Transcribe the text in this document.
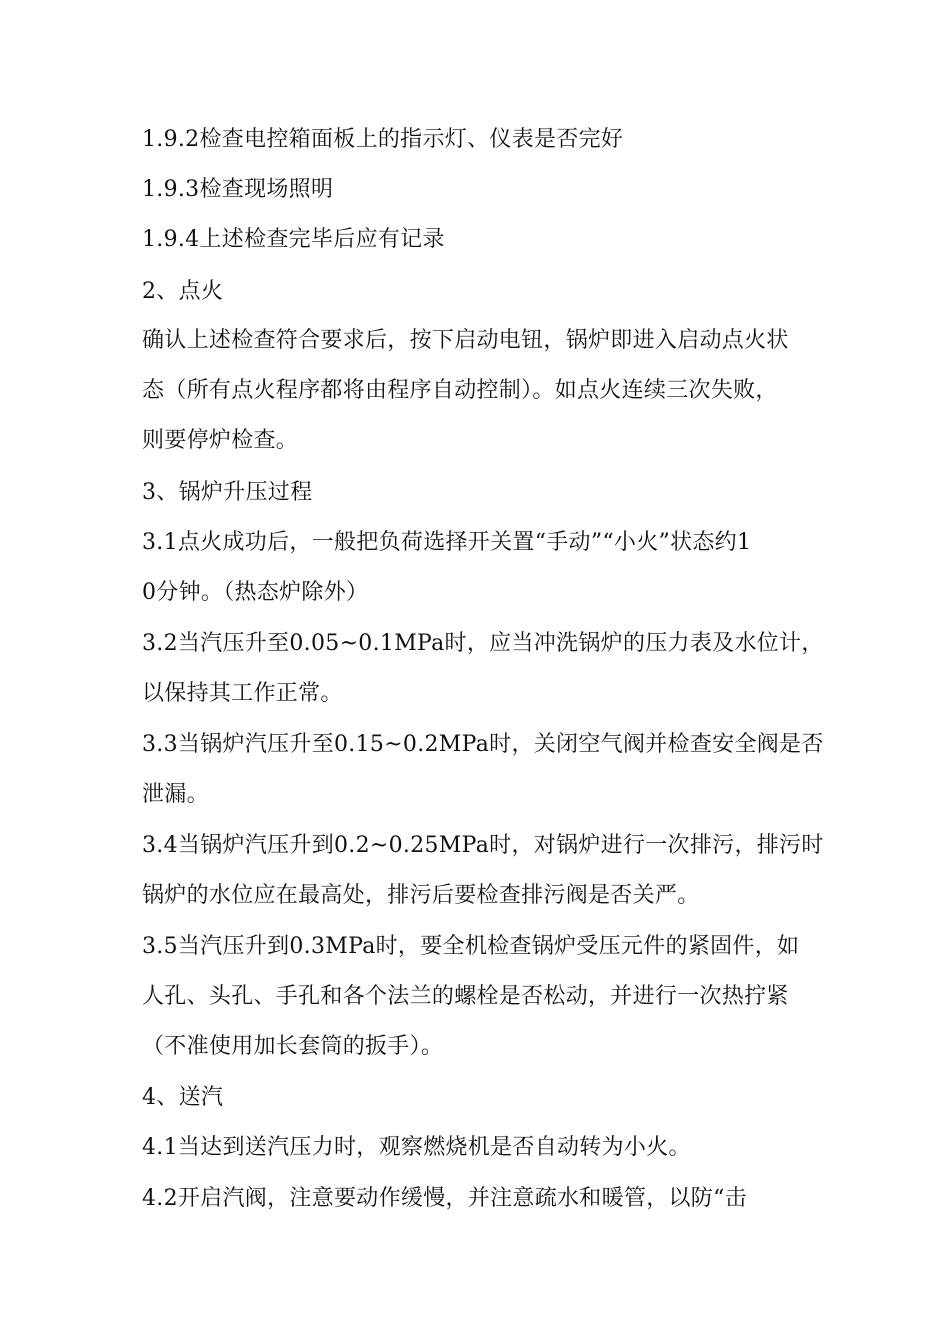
1.9.2检查电控箱面板上的指示灯、仪表是否完好
1.9.3检查现场照明
1.9.4上述检查完毕后应有记录
2、点火
确认上述检查符合要求后，按下启动电钮，锅炉即进入启动点火状
态（所有点火程序都将由程序自动控制）。如点火连续三次失败，
则要停炉检查。
3、锅炉升压过程
3.1点火成功后，一般把负荷选择开关置“手动”“小火”状态约1
0分钟。（热态炉除外）
3.2当汽压升至0.05~0.1MPa时，应当冲洗锅炉的压力表及水位计，
以保持其工作正常。
3.3当锅炉汽压升至0.15~0.2MPa时，关闭空气阀并检查安全阀是否
泄漏。
3.4当锅炉汽压升到0.2~0.25MPa时，对锅炉进行一次排污，排污时
锅炉的水位应在最高处，排污后要检查排污阀是否关严。
3.5当汽压升到0.3MPa时，要全机检查锅炉受压元件的紧固件，如
人孔、头孔、手孔和各个法兰的螺栓是否松动，并进行一次热拧紧
（不准使用加长套筒的扳手）。
4、送汽
4.1当达到送汽压力时，观察燃烧机是否自动转为小火。
4.2开启汽阀，注意要动作缓慢，并注意疏水和暖管，以防“击
